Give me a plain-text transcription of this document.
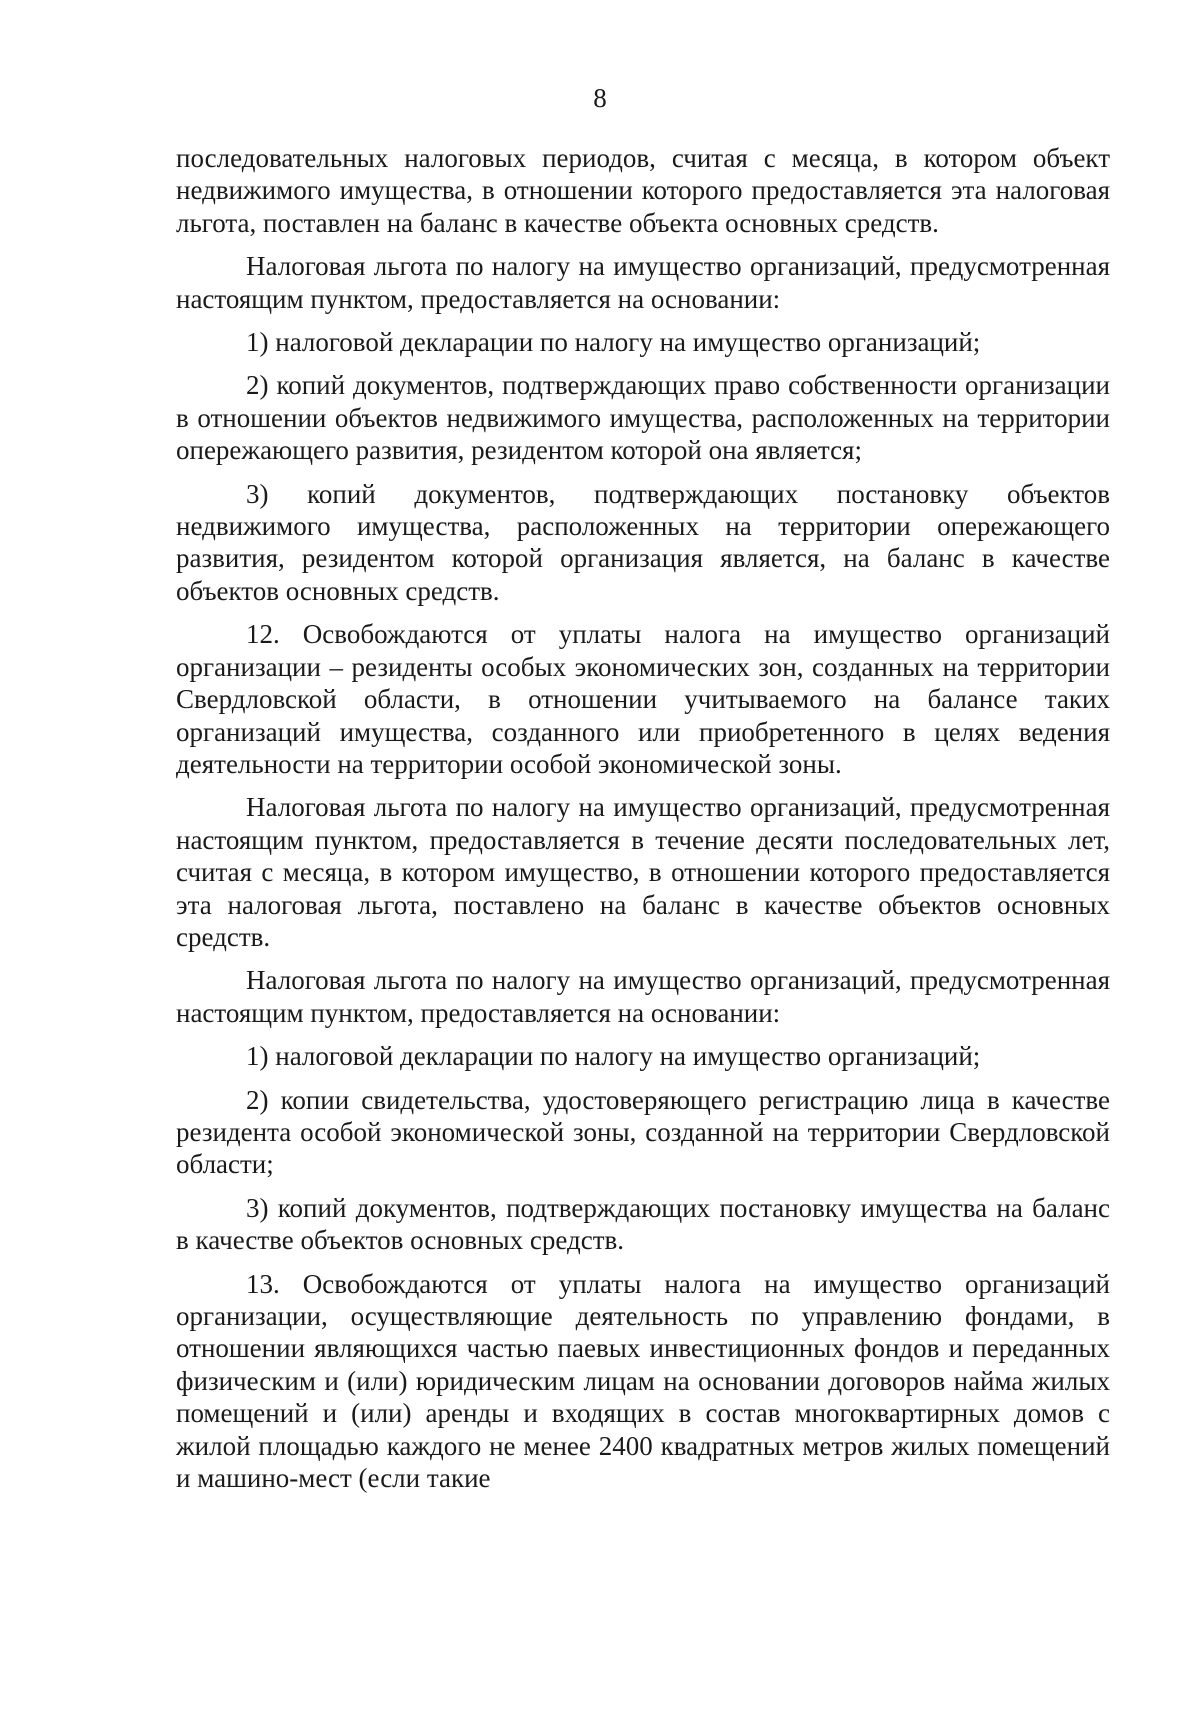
8

последовательных налоговых периодов, считая с месяца, в котором объект недвижимого имущества, в отношении которого предоставляется эта налоговая льгота, поставлен на баланс в качестве объекта основных средств.

Налоговая льгота по налогу на имущество организаций, предусмотренная настоящим пунктом, предоставляется на основании:

1) налоговой декларации по налогу на имущество организаций;

2) копий документов, подтверждающих право собственности организации в отношении объектов недвижимого имущества, расположенных на территории опережающего развития, резидентом которой она является;

3) копий документов, подтверждающих постановку объектов недвижимого имущества, расположенных на территории опережающего развития, резидентом которой организация является, на баланс в качестве объектов основных средств.

12. Освобождаются от уплаты налога на имущество организаций организации – резиденты особых экономических зон, созданных на территории Свердловской области, в отношении учитываемого на балансе таких организаций имущества, созданного или приобретенного в целях ведения деятельности на территории особой экономической зоны.

Налоговая льгота по налогу на имущество организаций, предусмотренная настоящим пунктом, предоставляется в течение десяти последовательных лет, считая с месяца, в котором имущество, в отношении которого предоставляется эта налоговая льгота, поставлено на баланс в качестве объектов основных средств.

Налоговая льгота по налогу на имущество организаций, предусмотренная настоящим пунктом, предоставляется на основании:

1) налоговой декларации по налогу на имущество организаций;

2) копии свидетельства, удостоверяющего регистрацию лица в качестве резидента особой экономической зоны, созданной на территории Свердловской области;

3) копий документов, подтверждающих постановку имущества на баланс в качестве объектов основных средств.

13. Освобождаются от уплаты налога на имущество организаций организации, осуществляющие деятельность по управлению фондами, в отношении являющихся частью паевых инвестиционных фондов и переданных физическим и (или) юридическим лицам на основании договоров найма жилых помещений и (или) аренды и входящих в состав многоквартирных домов с жилой площадью каждого не менее 2400 квадратных метров жилых помещений и машино-мест (если такие
